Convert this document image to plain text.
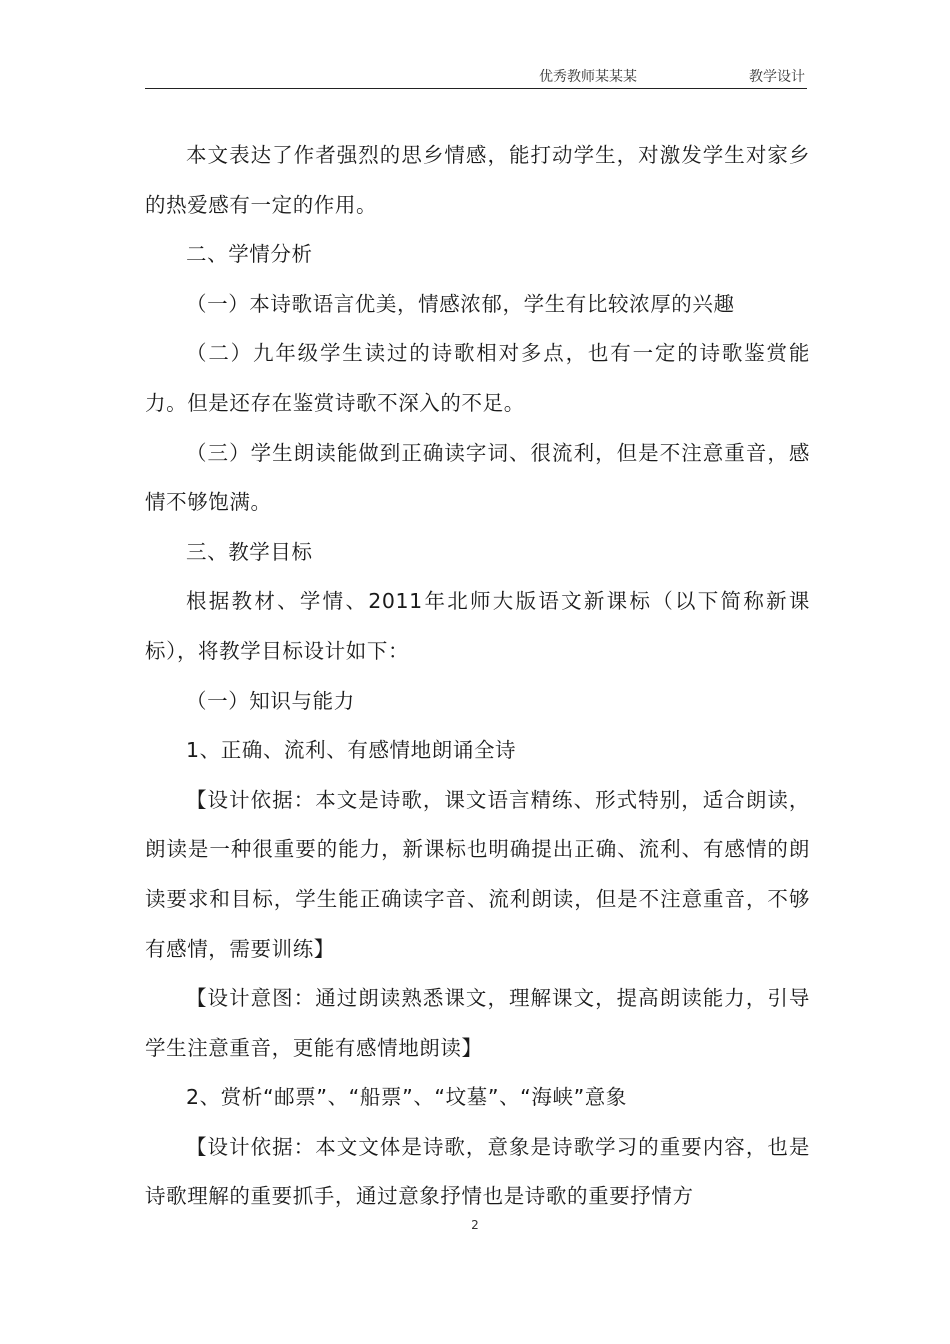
优秀教师某某某	教学设计

本文表达了作者强烈的思乡情感，能打动学生，对激发学生对家乡的热爱感有一定的作用。

二、学情分析

（一）本诗歌语言优美，情感浓郁，学生有比较浓厚的兴趣

（二）九年级学生读过的诗歌相对多点，也有一定的诗歌鉴赏能力。但是还存在鉴赏诗歌不深入的不足。

（三）学生朗读能做到正确读字词、很流利，但是不注意重音，感情不够饱满。

三、教学目标

根据教材、学情、2011年北师大版语文新课标（以下简称新课标），将教学目标设计如下：

（一）知识与能力

1、正确、流利、有感情地朗诵全诗

【设计依据：本文是诗歌，课文语言精练、形式特别，适合朗读，朗读是一种很重要的能力，新课标也明确提出正确、流利、有感情的朗读要求和目标，学生能正确读字音、流利朗读，但是不注意重音，不够有感情，需要训练】

【设计意图：通过朗读熟悉课文，理解课文，提高朗读能力，引导学生注意重音，更能有感情地朗读】

2、赏析“邮票”、“船票”、“坟墓”、“海峡”意象

【设计依据：本文文体是诗歌，意象是诗歌学习的重要内容，也是诗歌理解的重要抓手，通过意象抒情也是诗歌的重要抒情方

2
